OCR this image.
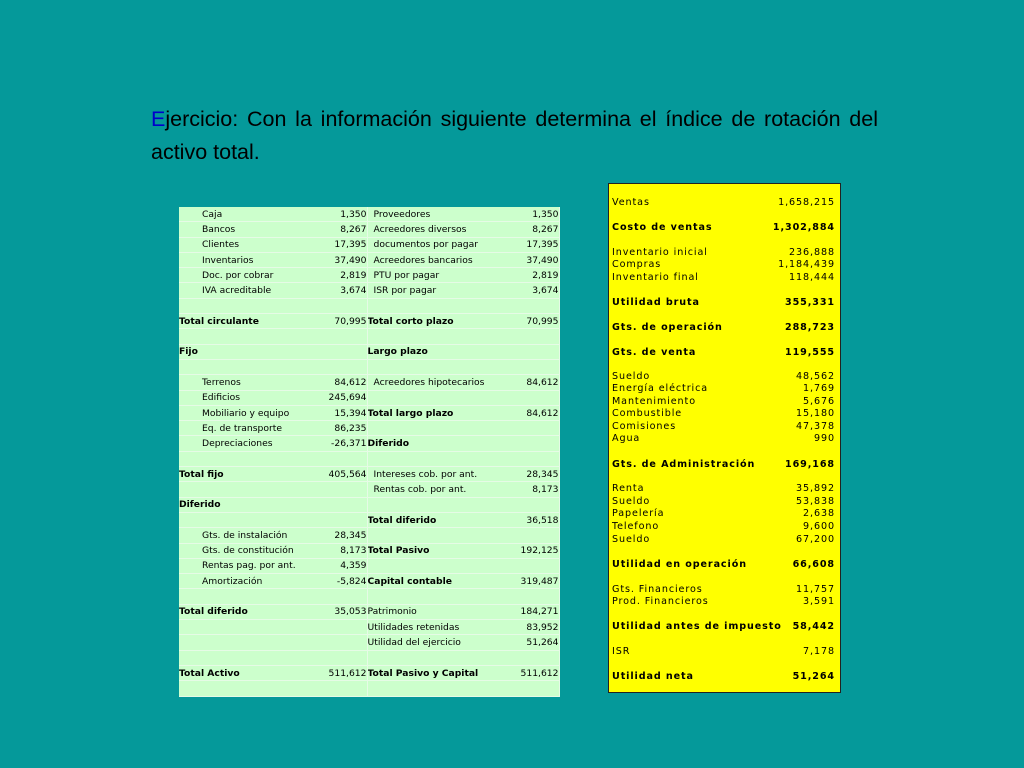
Ejercicio: Con la información siguiente determina el índice de rotación del activo total.
Caja	1,350	Proveedores	1,350
Bancos	8,267	Acreedores diversos	8,267
Clientes	17,395	documentos por pagar	17,395
Inventarios	37,490	Acreedores bancarios	37,490
Doc. por cobrar	2,819	PTU por pagar	2,819
IVA acreditable	3,674	ISR por pagar	3,674

Total circulante	70,995	Total corto plazo	70,995

Fijo		Largo plazo	

Terrenos	84,612	Acreedores hipotecarios	84,612
Edificios	245,694		
Mobiliario y equipo	15,394	Total largo plazo	84,612
Eq. de transporte	86,235		
Depreciaciones	-26,371	Diferido	

Total fijo	405,564	Intereses cob. por ant.	28,345
		Rentas cob. por ant.	8,173
Diferido			
		Total diferido	36,518
Gts. de instalación	28,345		
Gts. de constitución	8,173	Total Pasivo	192,125
Rentas pag. por ant.	4,359		
Amortización	-5,824	Capital contable	319,487

Total diferido	35,053	Patrimonio	184,271
		Utilidades retenidas	83,952
		Utilidad del ejercicio	51,264

Total Activo	511,612	Total Pasivo y Capital	511,612

Ventas	1,658,215
Costo de ventas	1,302,884
Inventario inicial	236,888
Compras	1,184,439
Inventario final	118,444
Utilidad bruta	355,331
Gts. de operación	288,723
Gts. de venta	119,555
Sueldo	48,562
Energía eléctrica	1,769
Mantenimiento	5,676
Combustible	15,180
Comisiones	47,378
Agua	990
Gts. de Administración	169,168
Renta	35,892
Sueldo	53,838
Papelería	2,638
Telefono	9,600
Sueldo	67,200
Utilidad en operación	66,608
Gts. Financieros	11,757
Prod. Financieros	3,591
Utilidad antes de impuesto 58,442
ISR	7,178
Utilidad neta	51,264
